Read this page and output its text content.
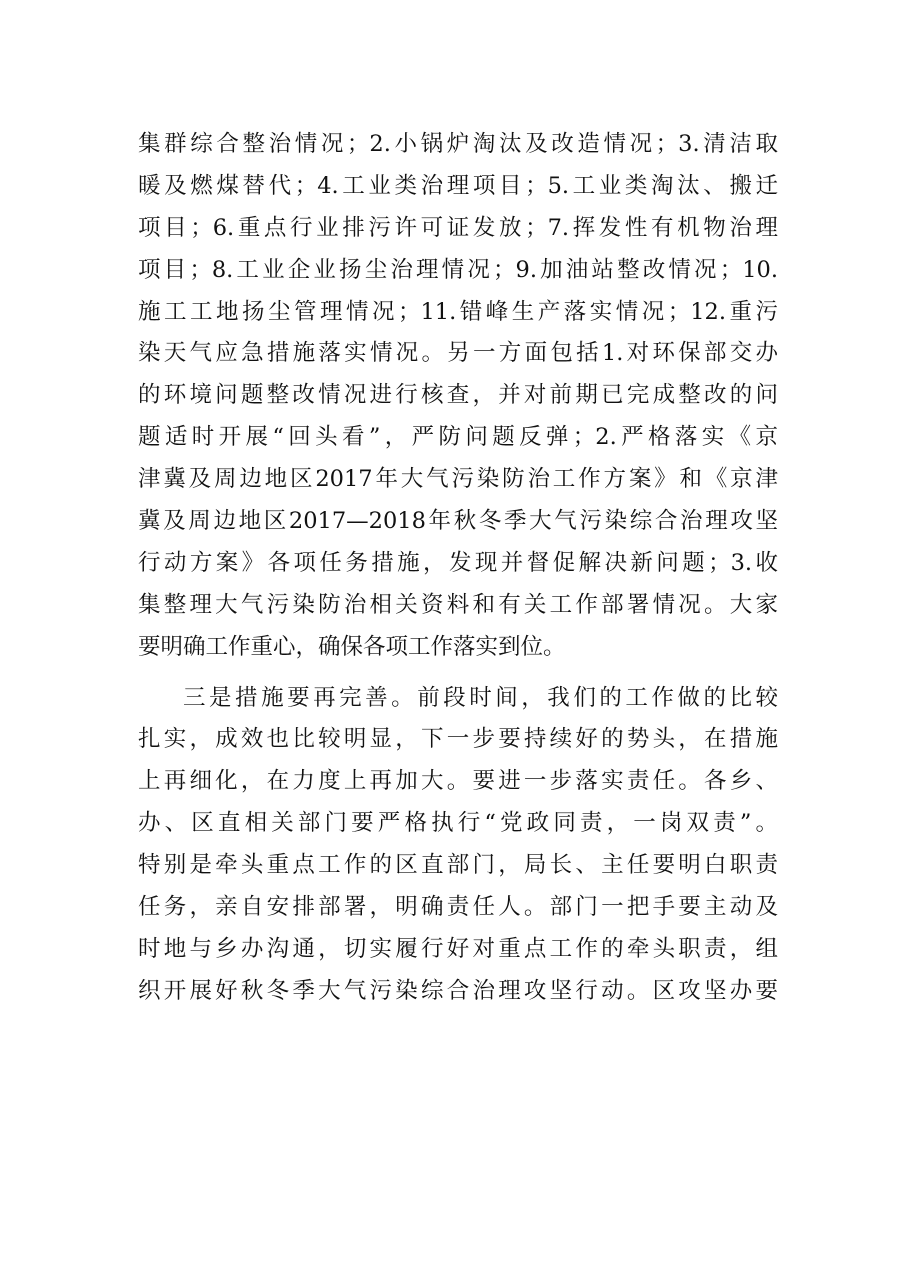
集群综合整治情况；2.小锅炉淘汰及改造情况；3.清洁取
暖及燃煤替代；4.工业类治理项目；5.工业类淘汰、搬迁
项目；6.重点行业排污许可证发放；7.挥发性有机物治理
项目；8.工业企业扬尘治理情况；9.加油站整改情况；10.
施工工地扬尘管理情况；11.错峰生产落实情况；12.重污
染天气应急措施落实情况。另一方面包括1.对环保部交办
的环境问题整改情况进行核查，并对前期已完成整改的问
题适时开展“回头看”，严防问题反弹；2.严格落实《京
津冀及周边地区2017年大气污染防治工作方案》和《京津
冀及周边地区2017—2018年秋冬季大气污染综合治理攻坚
行动方案》各项任务措施，发现并督促解决新问题；3.收
集整理大气污染防治相关资料和有关工作部署情况。大家
要明确工作重心，确保各项工作落实到位。
三是措施要再完善。前段时间，我们的工作做的比较
扎实，成效也比较明显，下一步要持续好的势头，在措施
上再细化，在力度上再加大。要进一步落实责任。各乡、
办、区直相关部门要严格执行“党政同责，一岗双责”。
特别是牵头重点工作的区直部门，局长、主任要明白职责
任务，亲自安排部署，明确责任人。部门一把手要主动及
时地与乡办沟通，切实履行好对重点工作的牵头职责，组
织开展好秋冬季大气污染综合治理攻坚行动。区攻坚办要
